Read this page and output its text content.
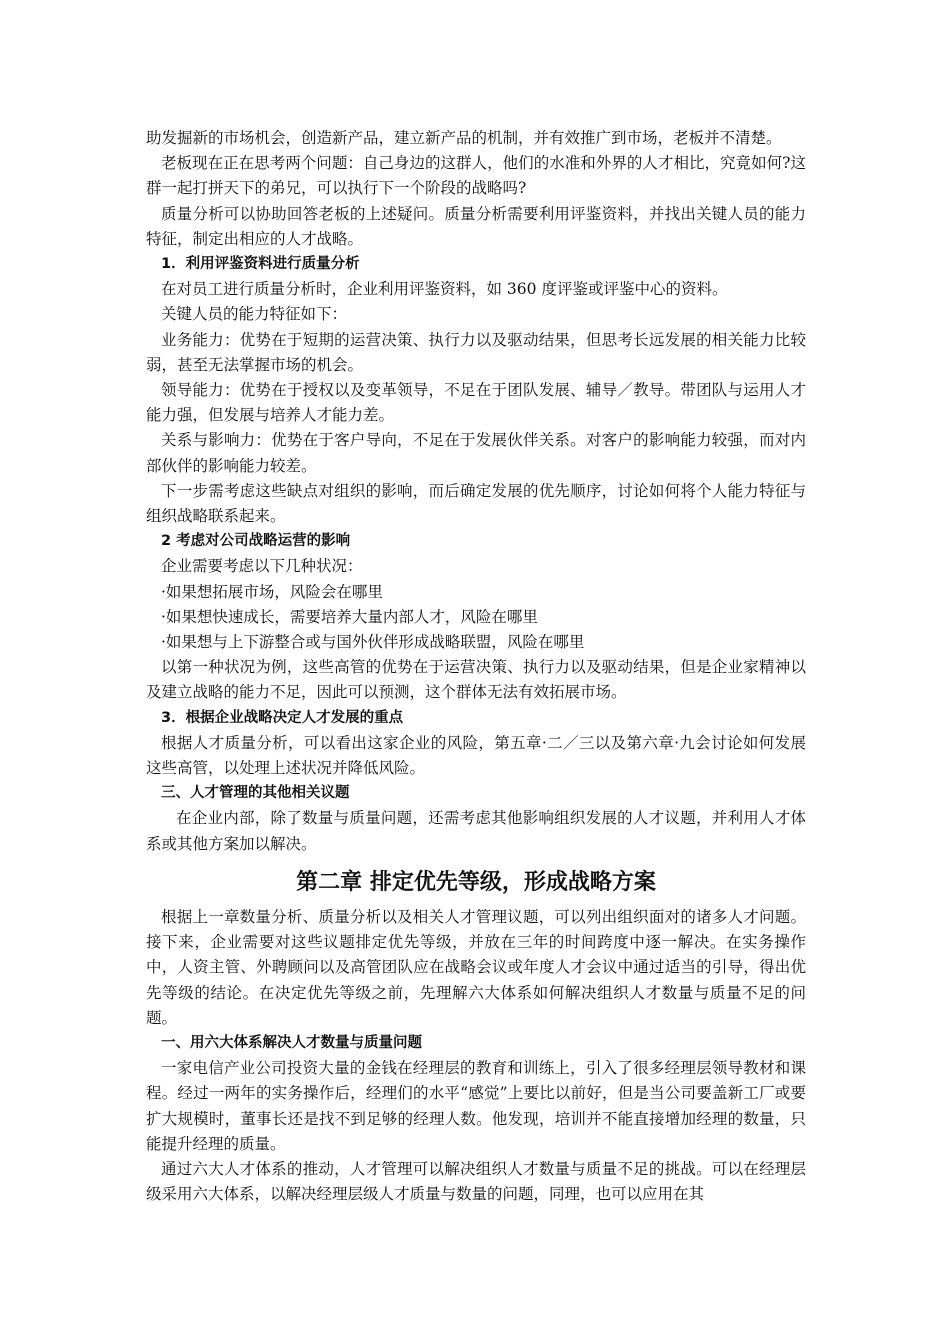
助发掘新的市场机会，创造新产品，建立新产品的机制，并有效推广到市场，老板并不清楚。

老板现在正在思考两个问题：自己身边的这群人，他们的水准和外界的人才相比，究竟如何?这群一起打拼天下的弟兄，可以执行下一个阶段的战略吗?

质量分析可以协助回答老板的上述疑问。质量分析需要利用评鉴资料，并找出关键人员的能力特征，制定出相应的人才战略。

1．利用评鉴资料进行质量分析

在对员工进行质量分析时，企业利用评鉴资料，如 360 度评鉴或评鉴中心的资料。

关键人员的能力特征如下：

业务能力：优势在于短期的运营决策、执行力以及驱动结果，但思考长远发展的相关能力比较弱，甚至无法掌握市场的机会。

领导能力：优势在于授权以及变革领导，不足在于团队发展、辅导／教导。带团队与运用人才能力强，但发展与培养人才能力差。

关系与影响力：优势在于客户导向，不足在于发展伙伴关系。对客户的影响能力较强，而对内部伙伴的影响能力较差。

下一步需考虑这些缺点对组织的影响，而后确定发展的优先顺序，讨论如何将个人能力特征与组织战略联系起来。

2 考虑对公司战略运营的影响

企业需要考虑以下几种状况：

·如果想拓展市场，风险会在哪里

·如果想快速成长，需要培养大量内部人才，风险在哪里

·如果想与上下游整合或与国外伙伴形成战略联盟，风险在哪里

以第一种状况为例，这些高管的优势在于运营决策、执行力以及驱动结果，但是企业家精神以及建立战略的能力不足，因此可以预测，这个群体无法有效拓展市场。

3．根据企业战略决定人才发展的重点

根据人才质量分析，可以看出这家企业的风险，第五章·二／三以及第六章·九会讨论如何发展这些高管，以处理上述状况并降低风险。

三、人才管理的其他相关议题

在企业内部，除了数量与质量问题，还需考虑其他影响组织发展的人才议题，并利用人才体系或其他方案加以解决。

第二章 排定优先等级，形成战略方案

根据上一章数量分析、质量分析以及相关人才管理议题，可以列出组织面对的诸多人才问题。接下来，企业需要对这些议题排定优先等级，并放在三年的时间跨度中逐一解决。在实务操作中，人资主管、外聘顾问以及高管团队应在战略会议或年度人才会议中通过适当的引导，得出优先等级的结论。在决定优先等级之前，先理解六大体系如何解决组织人才数量与质量不足的问题。

一、用六大体系解决人才数量与质量问题

一家电信产业公司投资大量的金钱在经理层的教育和训练上，引入了很多经理层领导教材和课程。经过一两年的实务操作后，经理们的水平“感觉”上要比以前好，但是当公司要盖新工厂或要扩大规模时，董事长还是找不到足够的经理人数。他发现，培训并不能直接增加经理的数量，只能提升经理的质量。

通过六大人才体系的推动，人才管理可以解决组织人才数量与质量不足的挑战。可以在经理层级采用六大体系，以解决经理层级人才质量与数量的问题，同理，也可以应用在其
